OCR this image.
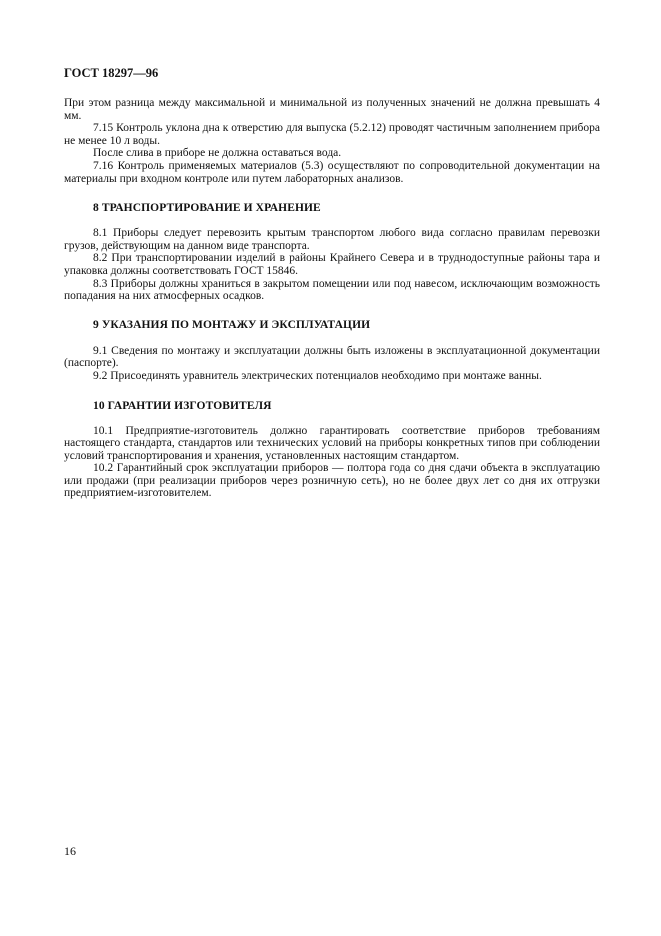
ГОСТ 18297—96

При этом разница между максимальной и минимальной из полученных значений не должна превышать 4 мм.

7.15 Контроль уклона дна к отверстию для выпуска (5.2.12) проводят частичным заполнением прибора не менее 10 л воды.

После слива в приборе не должна оставаться вода.

7.16 Контроль применяемых материалов (5.3) осуществляют по сопроводительной документации на материалы при входном контроле или путем лабораторных анализов.

8 ТРАНСПОРТИРОВАНИЕ И ХРАНЕНИЕ

8.1 Приборы следует перевозить крытым транспортом любого вида согласно правилам перевозки грузов, действующим на данном виде транспорта.

8.2 При транспортировании изделий в районы Крайнего Севера и в труднодоступные районы тара и упаковка должны соответствовать ГОСТ 15846.

8.3 Приборы должны храниться в закрытом помещении или под навесом, исключающим возможность попадания на них атмосферных осадков.

9 УКАЗАНИЯ ПО МОНТАЖУ И ЭКСПЛУАТАЦИИ

9.1 Сведения по монтажу и эксплуатации должны быть изложены в эксплуатационной документации (паспорте).

9.2 Присоединять уравнитель электрических потенциалов необходимо при монтаже ванны.

10 ГАРАНТИИ ИЗГОТОВИТЕЛЯ

10.1 Предприятие-изготовитель должно гарантировать соответствие приборов требованиям настоящего стандарта, стандартов или технических условий на приборы конкретных типов при соблюдении условий транспортирования и хранения, установленных настоящим стандартом.

10.2 Гарантийный срок эксплуатации приборов — полтора года со дня сдачи объекта в эксплуатацию или продажи (при реализации приборов через розничную сеть), но не более двух лет со дня их отгрузки предприятием-изготовителем.

16
